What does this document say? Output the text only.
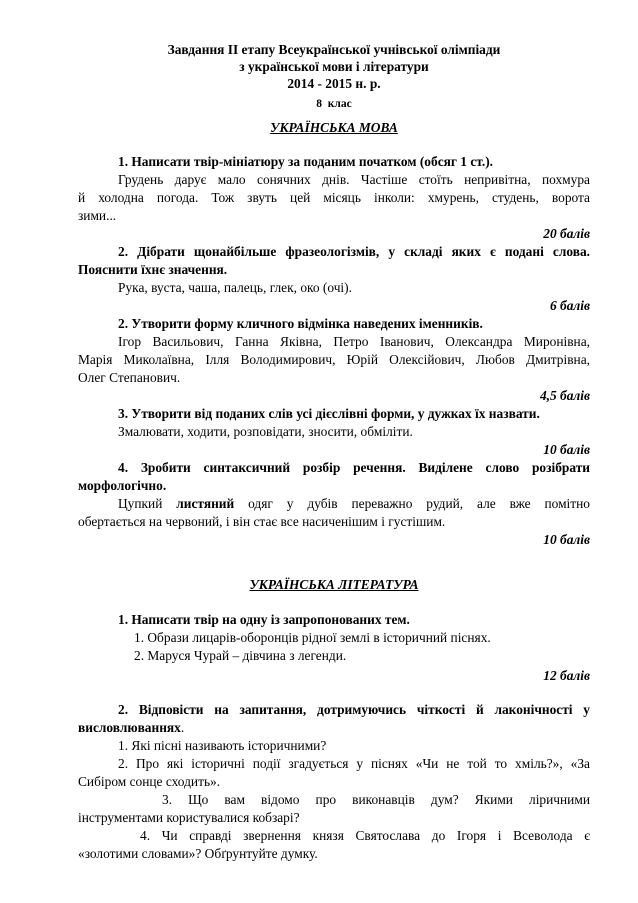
Завдання ІІ етапу Всеукраїнської учнівської олімпіади
з української мови і літератури
2014 - 2015 н. р.
8  клас
УКРАЇНСЬКА МОВА

1. Написати твір-мініатюру за поданим початком (обсяг 1 ст.).

Грудень дарує мало сонячних днів. Частіше стоїть непривітна, похмура

й холодна погода. Тож звуть цей місяць інколи: хмурень, студень, ворота

зими...

20 балів

2. Дібрати щонайбільше фразеологізмів, у складі яких є подані слова.

Пояснити їхнє значення.

Рука, вуста, чаша, палець, глек, око (очі).

6 балів

2. Утворити форму кличного відмінка наведених іменників.

Ігор Васильович, Ганна Яківна, Петро Іванович, Олександра Миронівна,

Марія Миколаївна, Ілля Володимирович, Юрій Олексійович, Любов Дмитрівна,

Олег Степанович.

4,5 балів

3. Утворити від поданих слів усі дієслівні форми, у дужках їх назвати.

Змалювати, ходити, розповідати, зносити, обміліти.

10 балів

4. Зробити синтаксичний розбір речення. Виділене слово розібрати

морфологічно.

Цупкий листяний одяг у дубів переважно рудий, але вже помітно

обертається на червоний, і він стає все насиченішим і густішим.

10 балів
УКРАЇНСЬКА ЛІТЕРАТУРА

1. Написати твір на одну із запропонованих тем.

1. Образи лицарів-оборонців рідної землі в історичний піснях.

2. Маруся Чурай – дівчина з легенди.

12 балів

2. Відповісти на запитання, дотримуючись чіткості й лаконічності у

висловлюваннях.

1. Які пісні називають історичними?

2. Про які історичні події згадується у піснях «Чи не той то хміль?», «За

Сибіром сонце сходить».

3. Що вам відомо про виконавців дум? Якими ліричними

інструментами користувалися кобзарі?

4. Чи справді звернення князя Святослава до Ігоря і Всеволода є

«золотими словами»? Обґрунтуйте думку.
